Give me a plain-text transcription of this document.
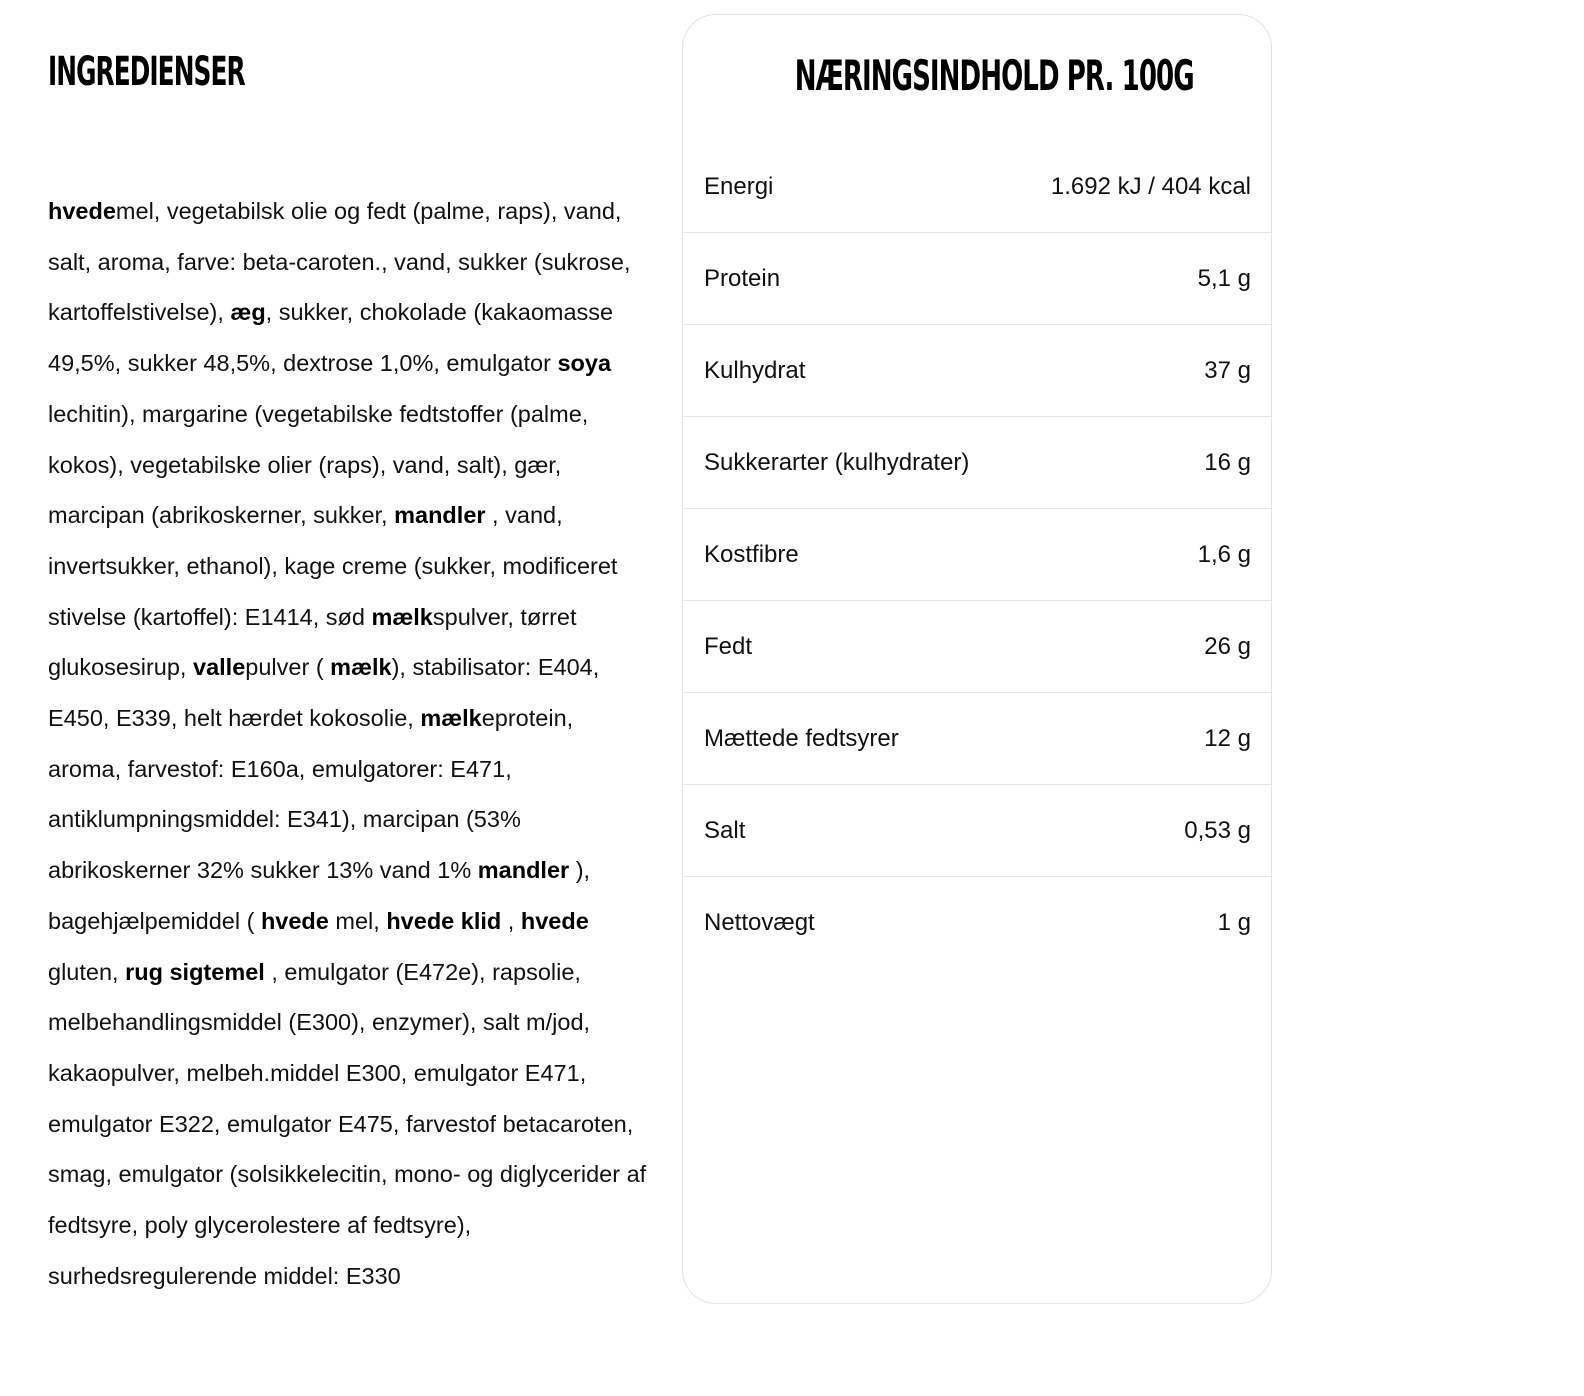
INGREDIENSER

hvedemel, vegetabilsk olie og fedt (palme, raps), vand, salt, aroma, farve: beta-caroten., vand, sukker (sukrose, kartoffelstivelse), æg, sukker, chokolade (kakaomasse 49,5%, sukker 48,5%, dextrose 1,0%, emulgator soya lechitin), margarine (vegetabilske fedtstoffer (palme, kokos), vegetabilske olier (raps), vand, salt), gær, marcipan (abrikoskerner, sukker, mandler , vand, invertsukker, ethanol), kage creme (sukker, modificeret stivelse (kartoffel): E1414, sød mælkspulver, tørret glukosesirup, vallepulver ( mælk), stabilisator: E404, E450, E339, helt hærdet kokosolie, mælkeprotein, aroma, farvestof: E160a, emulgatorer: E471, antiklumpningsmiddel: E341), marcipan (53% abrikoskerner 32% sukker 13% vand 1% mandler ), bagehjælpemiddel ( hvede mel, hvede klid , hvede gluten, rug sigtemel , emulgator (E472e), rapsolie, melbehandlingsmiddel (E300), enzymer), salt m/jod, kakaopulver, melbeh.middel E300, emulgator E471, emulgator E322, emulgator E475, farvestof betacaroten, smag, emulgator (solsikkelecitin, mono- og diglycerider af fedtsyre, poly glycerolestere af fedtsyre), surhedsregulerende middel: E330

NÆRINGSINDHOLD PR. 100G
Energi	1.692 kJ / 404 kcal
Protein	5,1 g
Kulhydrat	37 g
Sukkerarter (kulhydrater)	16 g
Kostfibre	1,6 g
Fedt	26 g
Mættede fedtsyrer	12 g
Salt	0,53 g
Nettovægt	1 g
